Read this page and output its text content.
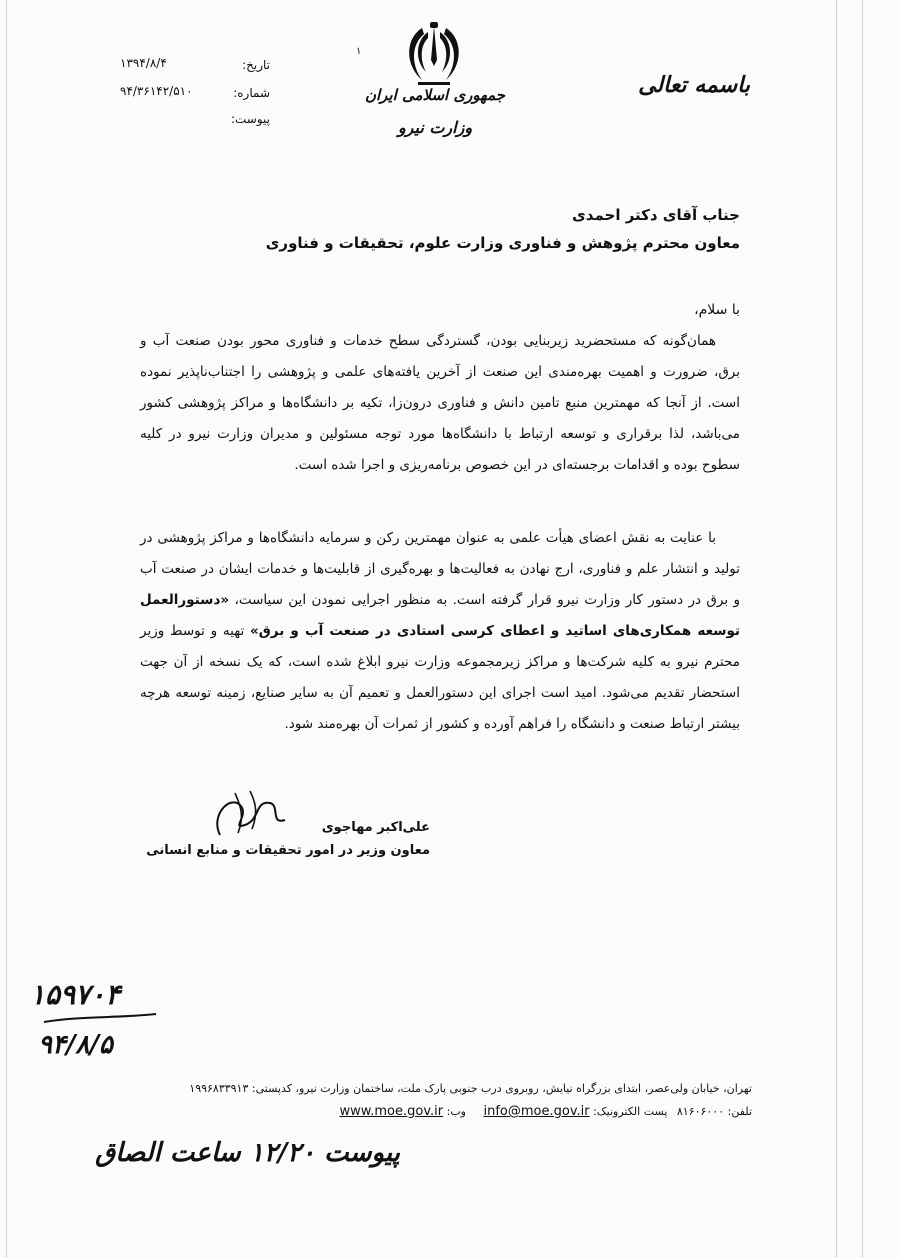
باسمه تعالی
جمهوری اسلامی ایران
وزارت نیرو
۱
تاریخ:
۱۳۹۴/۸/۴
شماره:
۹۴/۳۶۱۴۲/۵۱۰
پیوست:
جناب آقای دکتر احمدی
معاون محترم پژوهش و فناوری وزارت علوم، تحقیقات و فناوری
با سلام،

همان‌گونه که مستحضرید زیربنایی بودن، گستردگی سطح خدمات و فناوری محور بودن صنعت آب و برق، ضرورت و اهمیت بهره‌مندی این صنعت از آخرین یافته‌های علمی و پژوهشی را اجتناب‌ناپذیر نموده است. از آنجا که مهمترین منبع تامین دانش و فناوری درون‌زا، تکیه بر دانشگاه‌ها و مراکز پژوهشی کشور می‌باشد، لذا برقراری و توسعه ارتباط با دانشگاه‌ها مورد توجه مسئولین و مدیران وزارت نیرو در کلیه سطوح بوده و اقدامات برجسته‌ای در این خصوص برنامه‌ریزی و اجرا شده است.

با عنایت به نقش اعضای هیأت علمی به عنوان مهمترین رکن و سرمایه دانشگاه‌ها و مراکز پژوهشی در تولید و انتشار علم و فناوری، ارج نهادن به فعالیت‌ها و بهره‌گیری از قابلیت‌ها و خدمات ایشان در صنعت آب و برق در دستور کار وزارت نیرو قرار گرفته است. به منظور اجرایی نمودن این سیاست، «دستورالعمل توسعه همکاری‌های اساتید و اعطای کرسی استادی در صنعت آب و برق» تهیه و توسط وزیر محترم نیرو به کلیه شرکت‌ها و مراکز زیرمجموعه وزارت نیرو ابلاغ شده است، که یک نسخه از آن جهت استحضار تقدیم می‌شود. امید است اجرای این دستورالعمل و تعمیم آن به سایر صنایع، زمینه توسعه هرچه بیشتر ارتباط صنعت و دانشگاه را فراهم آورده و کشور از ثمرات آن بهره‌مند شود.

علی‌اکبر مهاجوی
معاون وزیر در امور تحقیقات و منابع انسانی
۱۵۹۷۰۴
۹۴/۸/۵
پیوست ۱۲/۲۰ ساعت الصاق
تهران، خیابان ولی‌عصر، ابتدای بزرگراه نیایش، روبروی درب جنوبی پارک ملت، ساختمان وزارت نیرو، کدپستی: ۱۹۹۶۸۳۳۹۱۳
تلفن: ۸۱۶۰۶۰۰۰ پست الکترونیک: info@moe.gov.ir وب: www.moe.gov.ir
